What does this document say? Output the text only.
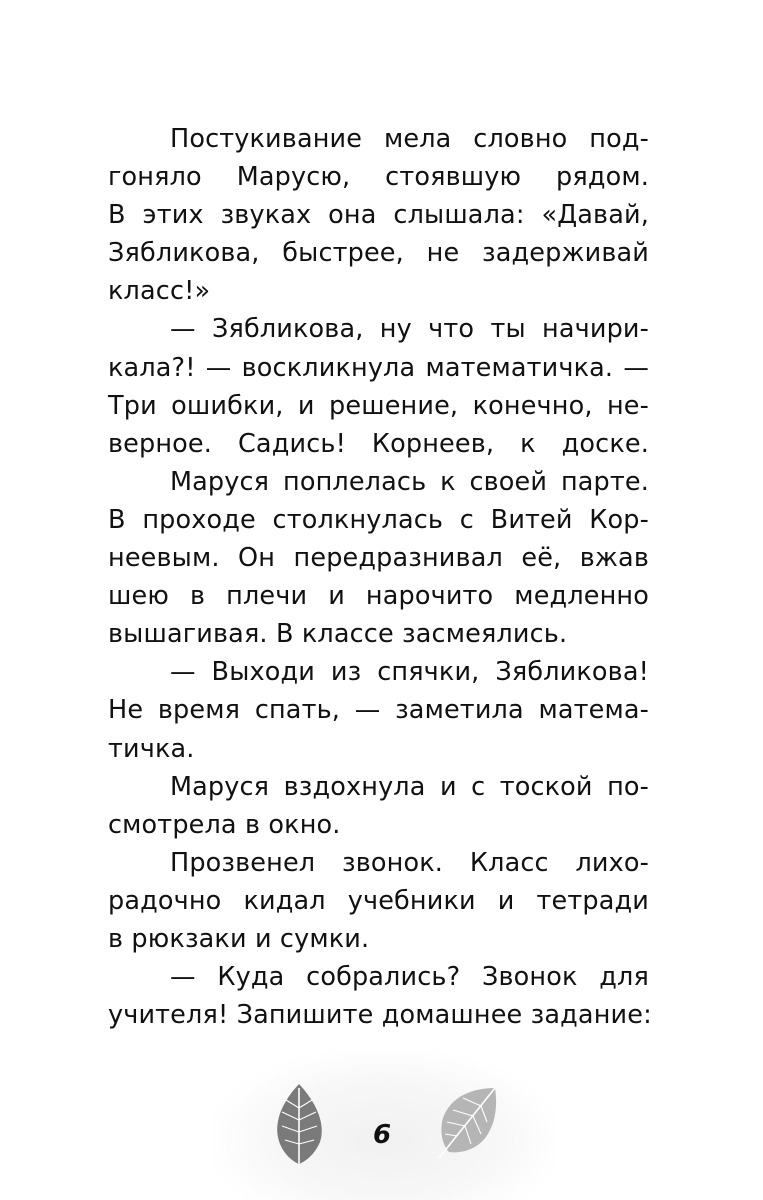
Постукивание мела словно под-
гоняло Марусю, стоявшую рядом.
В этих звуках она слышала: «Давай,
Зябликова, быстрее, не задерживай
класс!»
— Зябликова, ну что ты начири-
кала?! — воскликнула математичка. —
Три ошибки, и решение, конечно, не-
верное. Садись! Корнеев, к доске.
Маруся поплелась к своей парте.
В проходе столкнулась с Витей Кор-
неевым. Он передразнивал её, вжав
шею в плечи и нарочито медленно
вышагивая. В классе засмеялись.
— Выходи из спячки, Зябликова!
Не время спать, — заметила матема-
тичка.
Маруся вздохнула и с тоской по-
смотрела в окно.
Прозвенел звонок. Класс лихо-
радочно кидал учебники и тетради
в рюкзаки и сумки.
— Куда собрались? Звонок для
учителя! Запишите домашнее задание:
6
